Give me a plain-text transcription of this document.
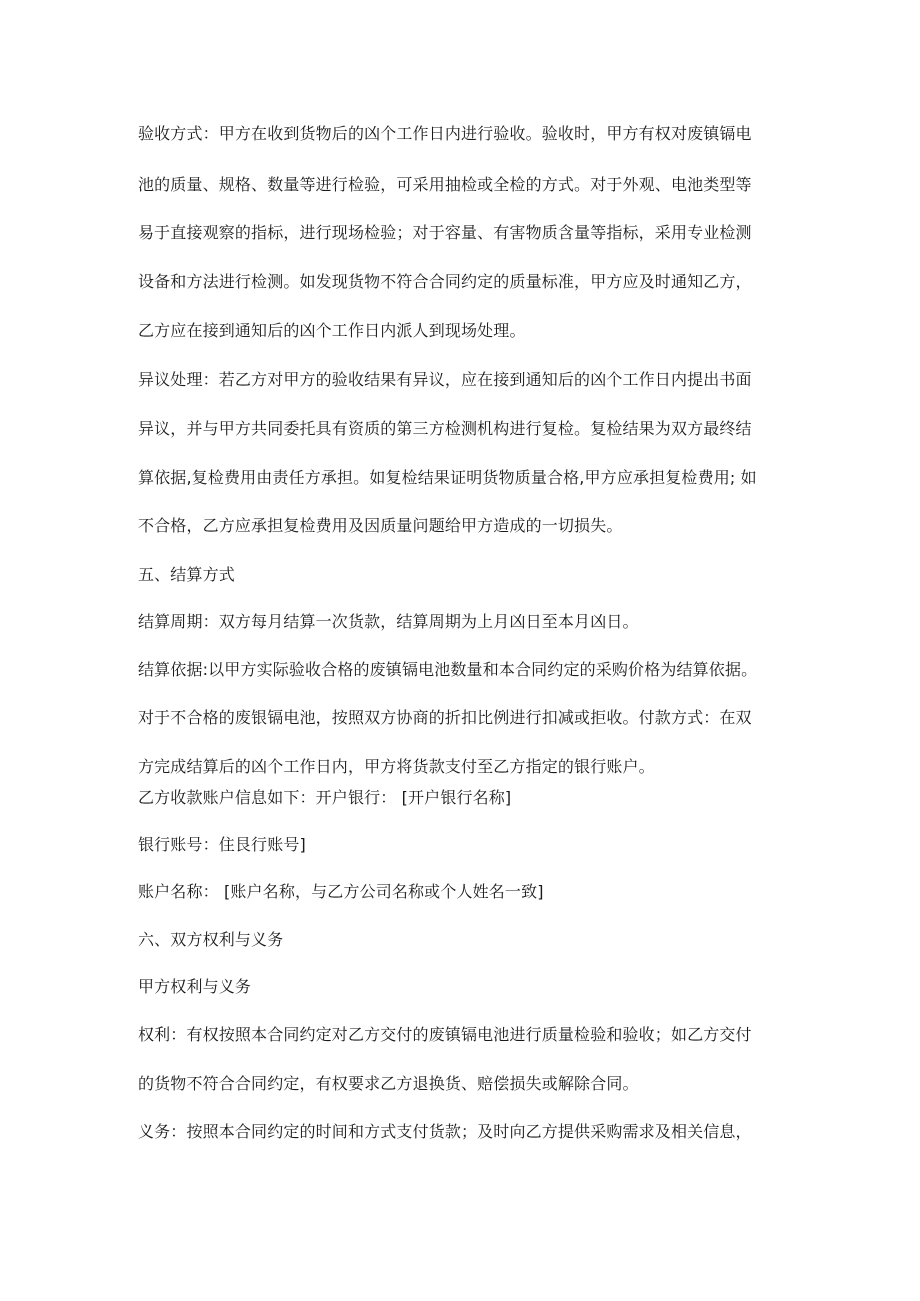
验收方式：甲方在收到货物后的凶个工作日内进行验收。验收时，甲方有权对废镇镉电
池的质量、规格、数量等进行检验，可采用抽检或全检的方式。对于外观、电池类型等
易于直接观察的指标，进行现场检验；对于容量、有害物质含量等指标，采用专业检测
设备和方法进行检测。如发现货物不符合合同约定的质量标准，甲方应及时通知乙方，
乙方应在接到通知后的凶个工作日内派人到现场处理。
异议处理：若乙方对甲方的验收结果有异议，应在接到通知后的凶个工作日内提出书面
异议，并与甲方共同委托具有资质的第三方检测机构进行复检。复检结果为双方最终结
算依据,复检费用由责任方承担。如复检结果证明货物质量合格,甲方应承担复检费用; 如
不合格，乙方应承担复检费用及因质量问题给甲方造成的一切损失。
五、结算方式
结算周期：双方每月结算一次货款，结算周期为上月凶日至本月凶日。
结算依据:以甲方实际验收合格的废镇镉电池数量和本合同约定的采购价格为结算依据。
对于不合格的废银镉电池，按照双方协商的折扣比例进行扣减或拒收。付款方式：在双
方完成结算后的凶个工作日内，甲方将货款支付至乙方指定的银行账户。
乙方收款账户信息如下：开户银行： [开户银行名称]
银行账号：住艮行账号]
账户名称： [账户名称，与乙方公司名称或个人姓名一致]
六、双方权利与义务
甲方权利与义务
权利：有权按照本合同约定对乙方交付的废镇镉电池进行质量检验和验收；如乙方交付
的货物不符合合同约定，有权要求乙方退换货、赔偿损失或解除合同。
义务：按照本合同约定的时间和方式支付货款；及时向乙方提供采购需求及相关信息，
